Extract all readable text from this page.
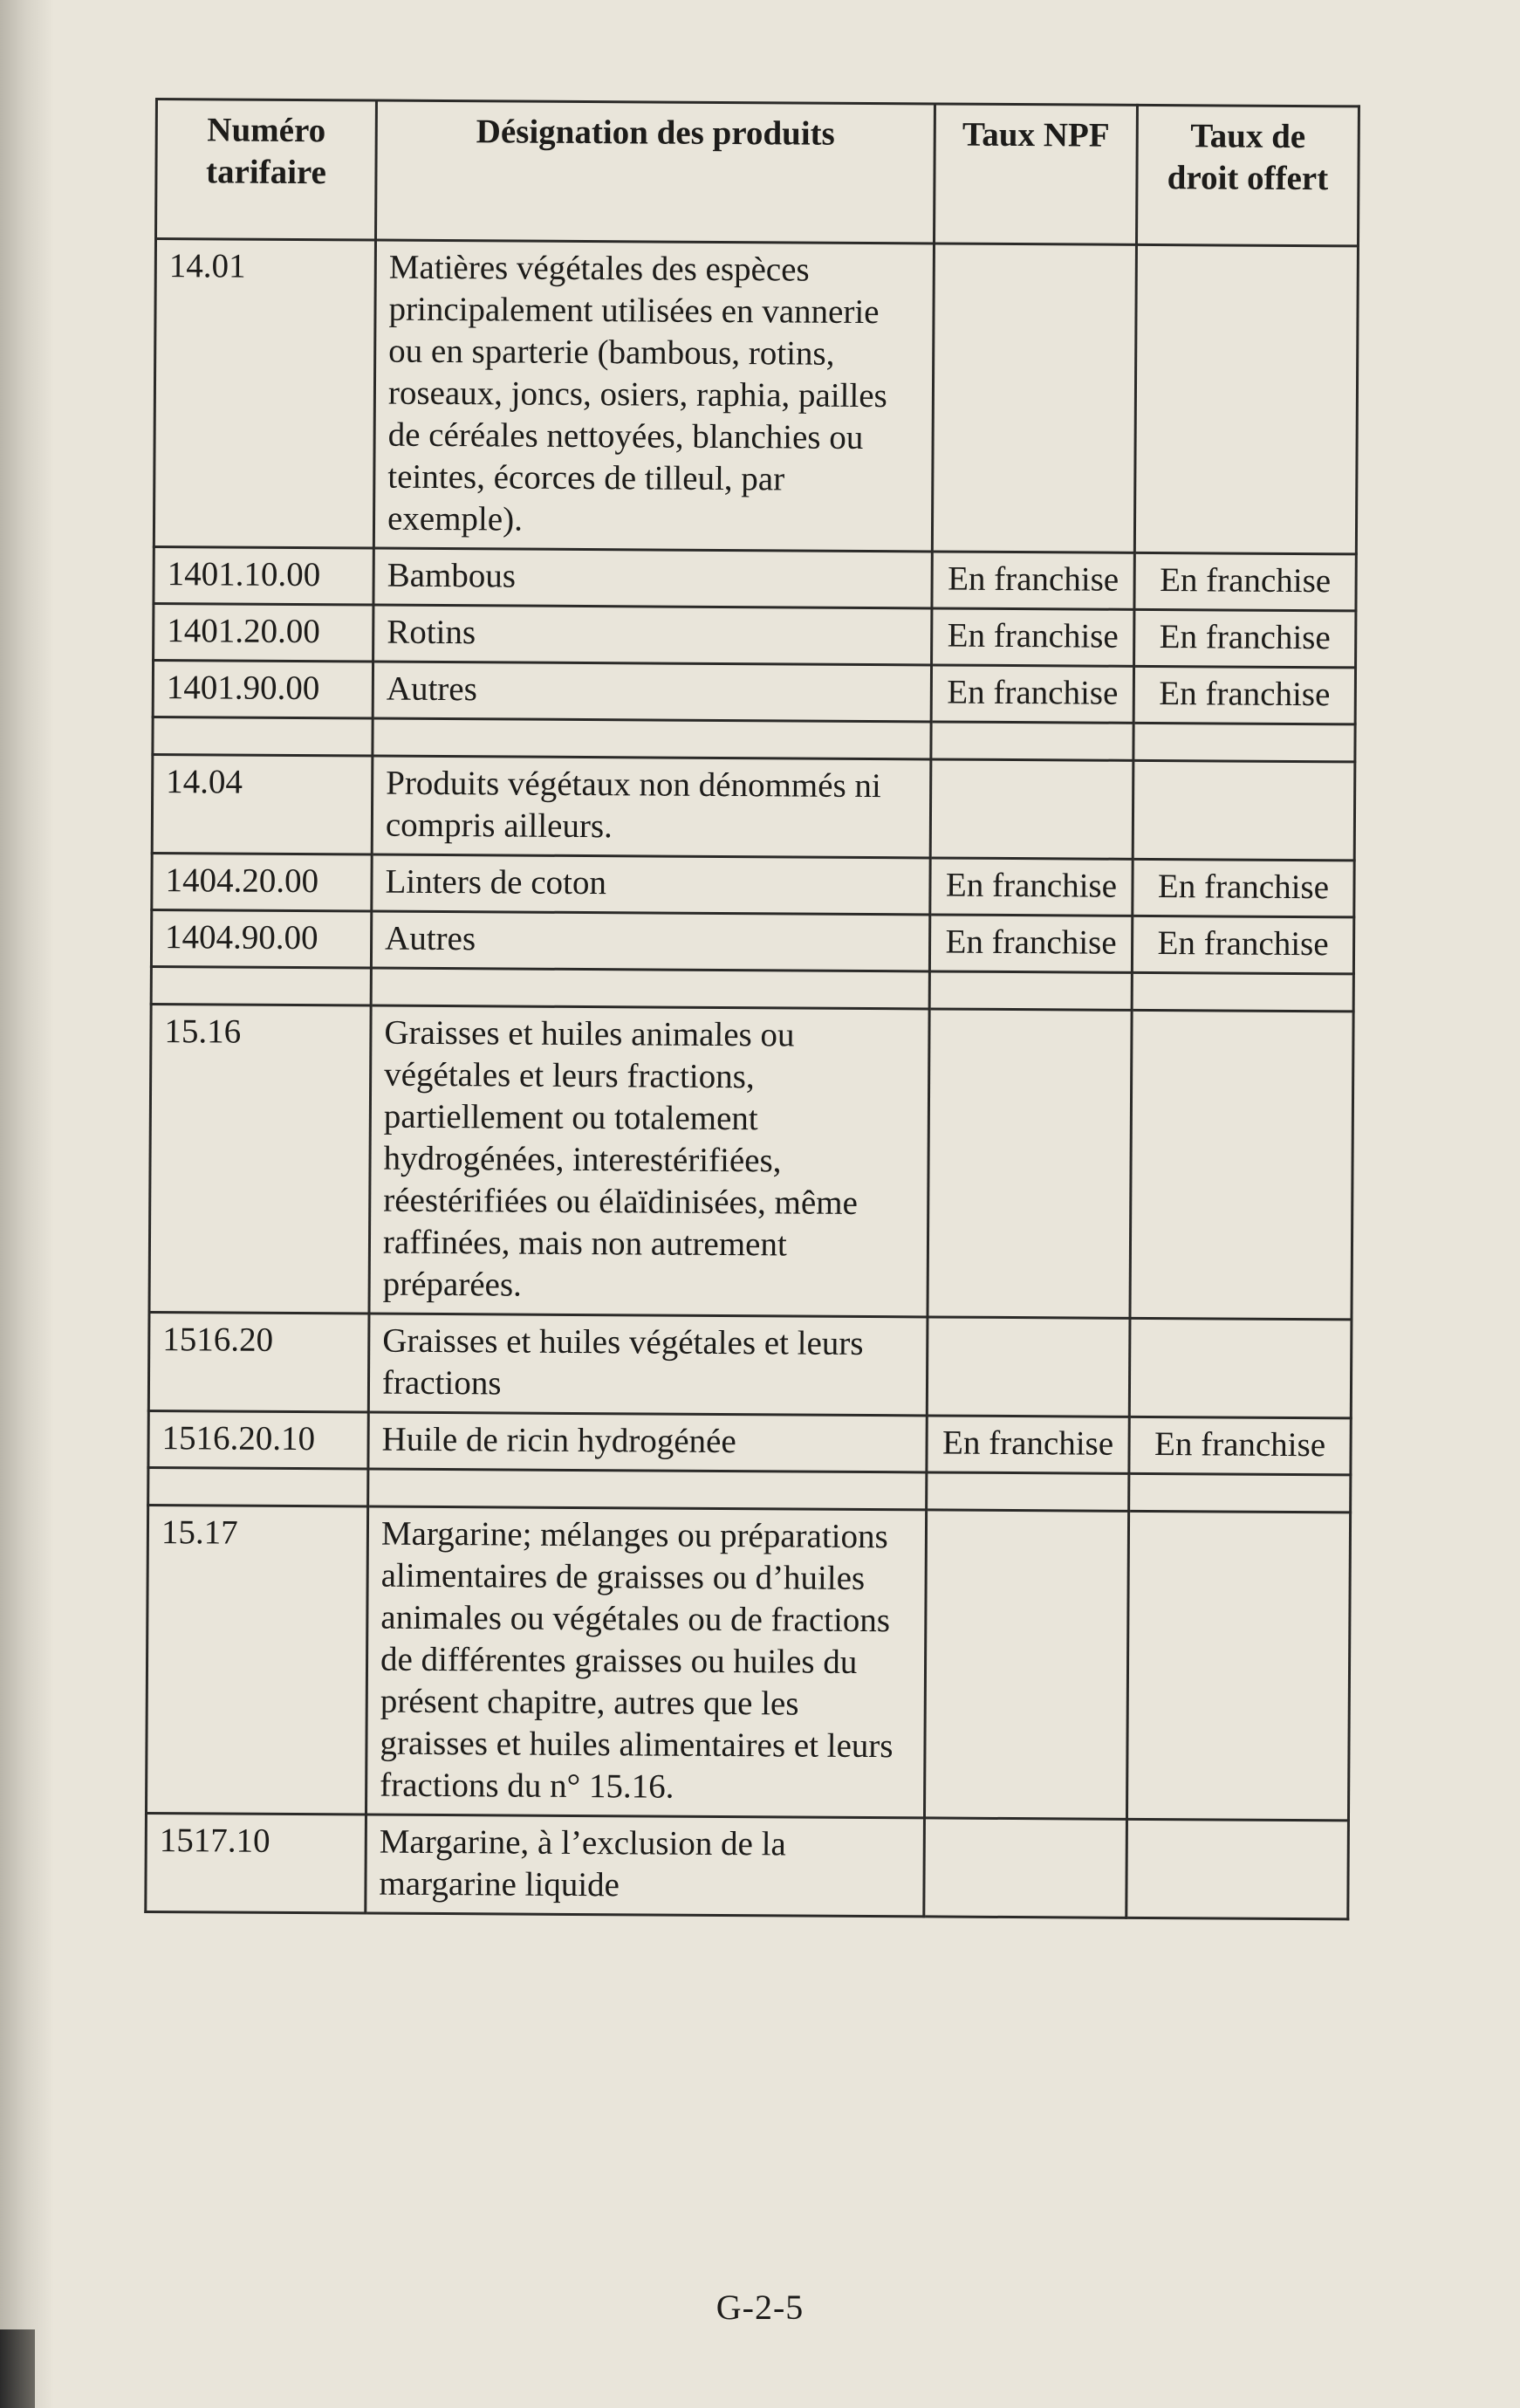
Numéro tarifaire	Désignation des produits	Taux NPF	Taux de droit offert
14.01	Matières végétales des espèces principalement utilisées en vannerie ou en sparterie (bambous, rotins, roseaux, joncs, osiers, raphia, pailles de céréales nettoyées, blanchies ou teintes, écorces de tilleul, par exemple).		
1401.10.00	Bambous	En franchise	En franchise
1401.20.00	Rotins	En franchise	En franchise
1401.90.00	Autres	En franchise	En franchise

14.04	Produits végétaux non dénommés ni compris ailleurs.		
1404.20.00	Linters de coton	En franchise	En franchise
1404.90.00	Autres	En franchise	En franchise

15.16	Graisses et huiles animales ou végétales et leurs fractions, partiellement ou totalement hydrogénées, interestérifiées, réestérifiées ou élaïdinisées, même raffinées, mais non autrement préparées.		
1516.20	Graisses et huiles végétales et leurs fractions		
1516.20.10	Huile de ricin hydrogénée	En franchise	En franchise

15.17	Margarine; mélanges ou préparations alimentaires de graisses ou d’huiles animales ou végétales ou de fractions de différentes graisses ou huiles du présent chapitre, autres que les graisses et huiles alimentaires et leurs fractions du n° 15.16.		
1517.10	Margarine, à l’exclusion de la margarine liquide		
G-2-5
